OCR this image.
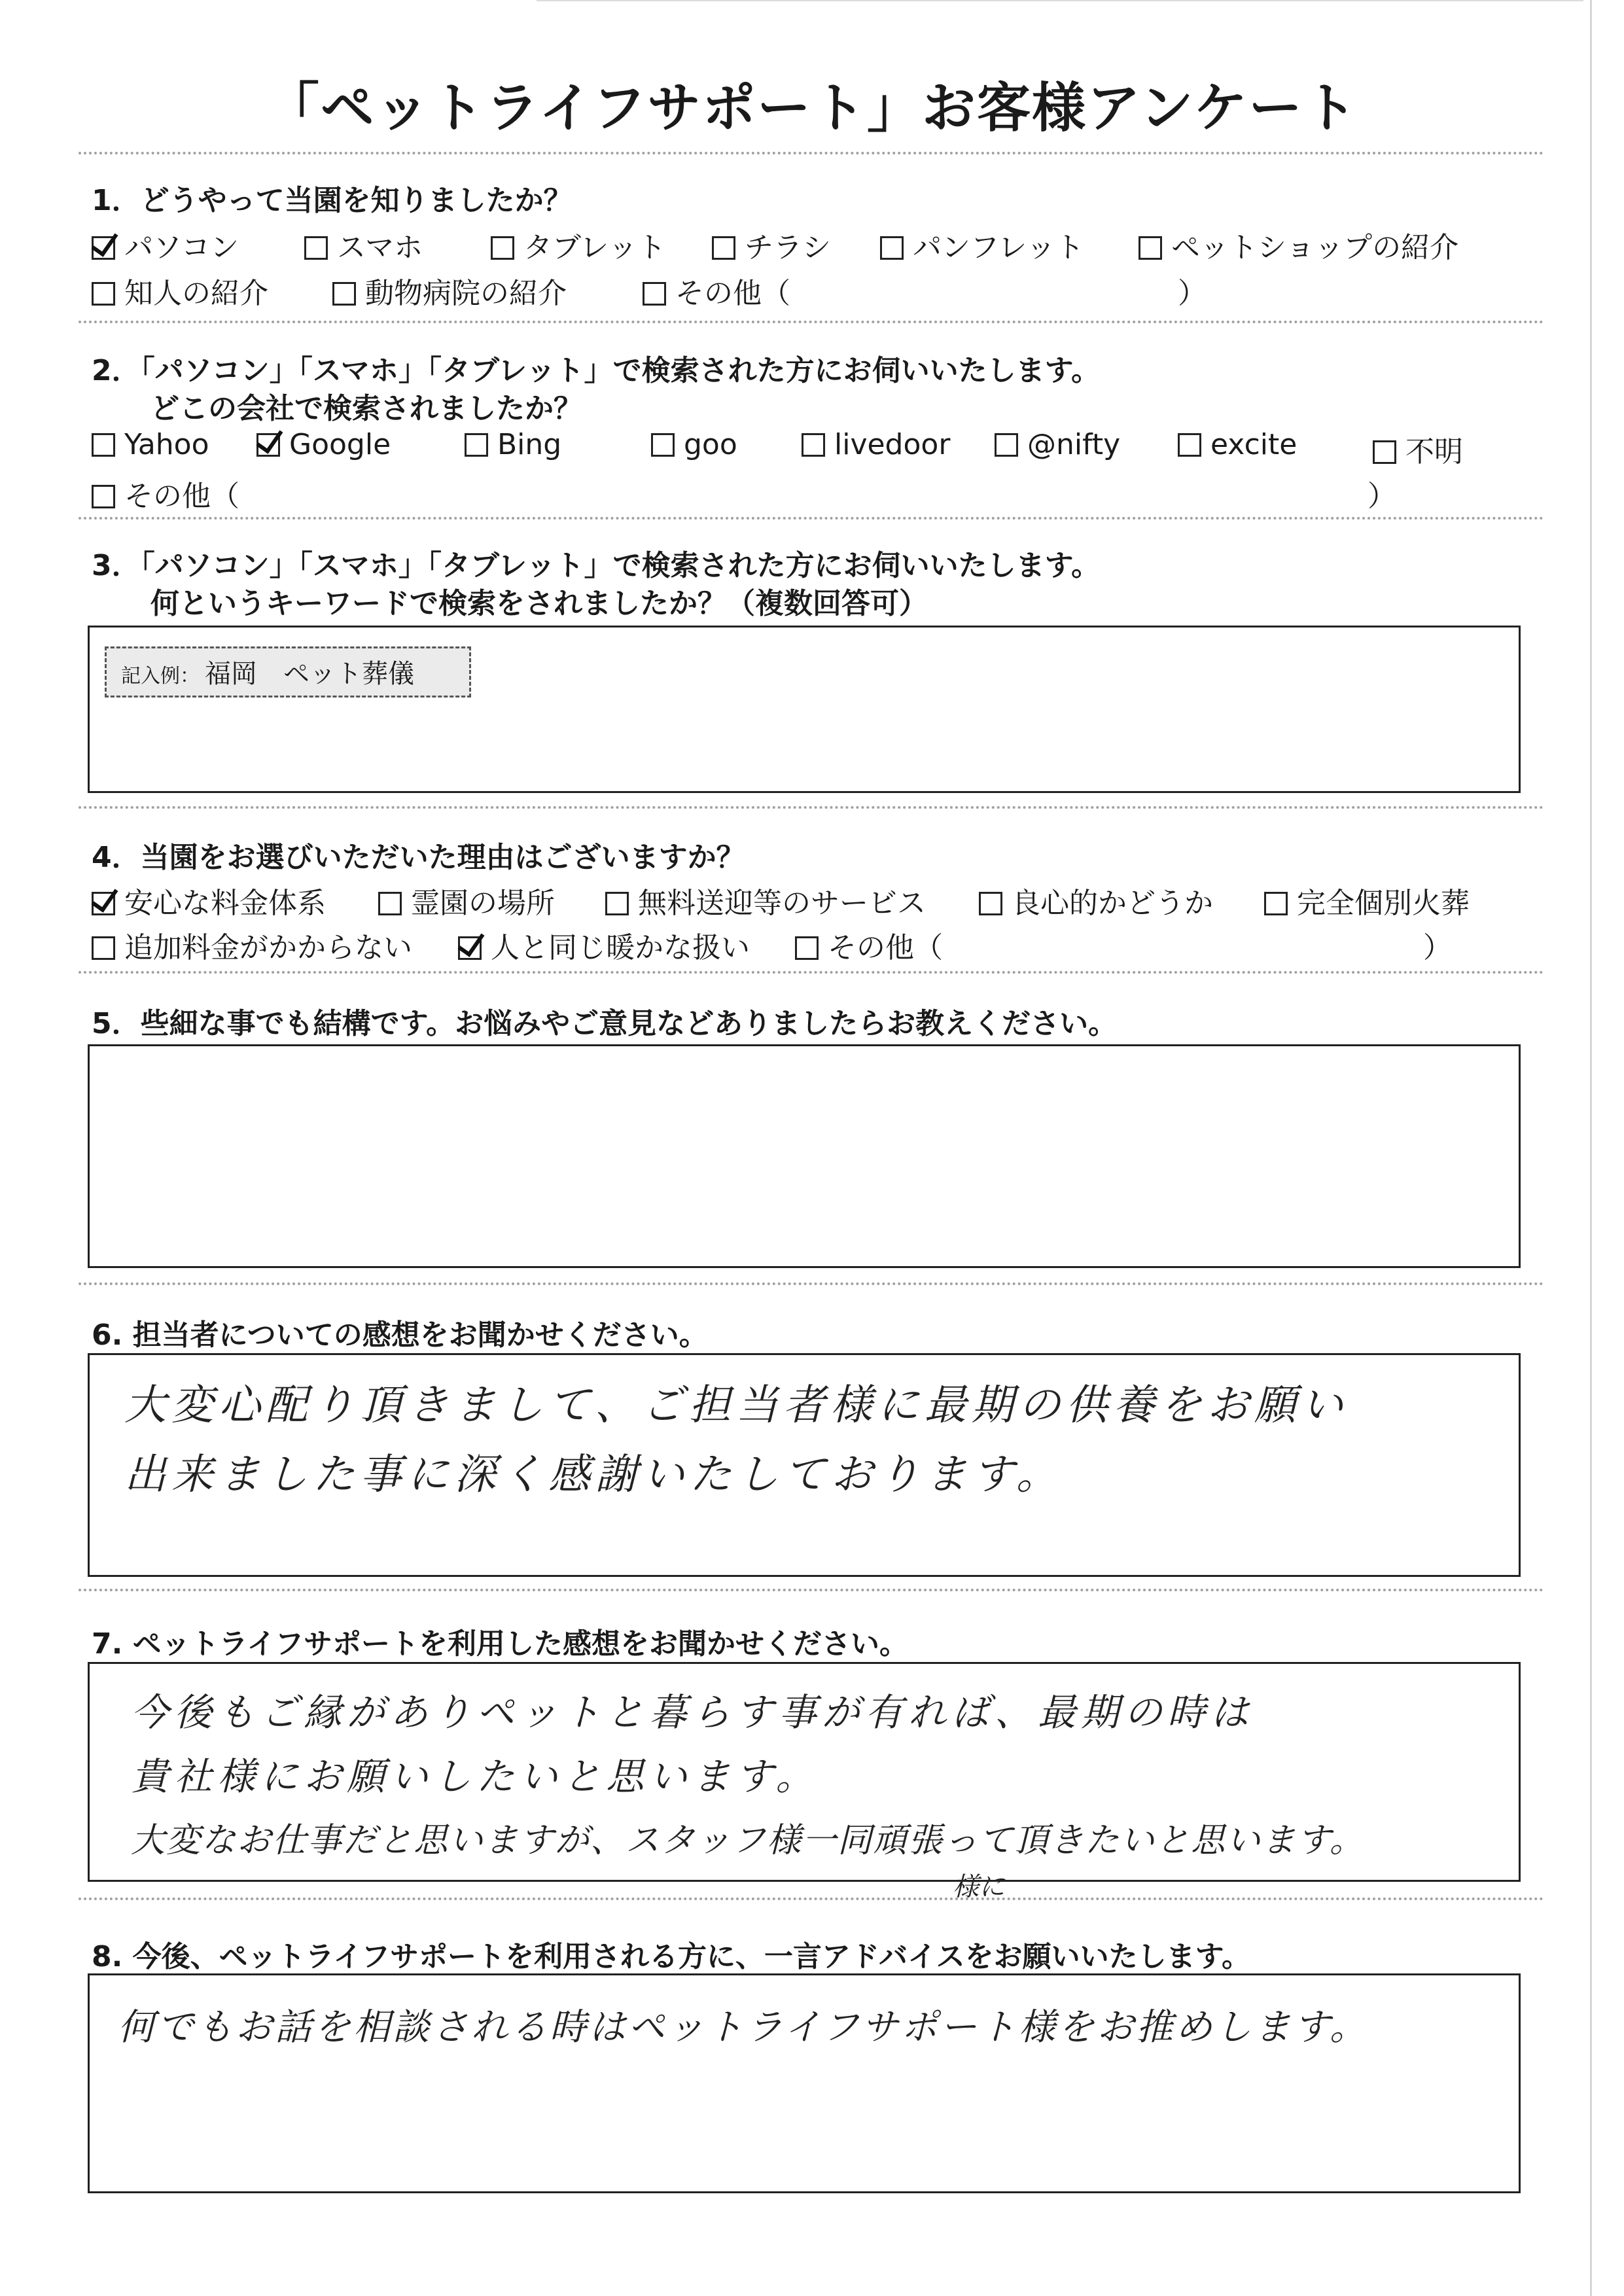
「ペットライフサポート」お客様アンケート
1．どうやって当園を知りましたか？
パソコン	スマホ	タブレット	チラシ	パンフレット	ペットショップの紹介
知人の紹介	動物病院の紹介	その他（	）
2．「パソコン」「スマホ」「タブレット」で検索された方にお伺いいたします。
どこの会社で検索されましたか？
Yahoo	Google	Bing	goo	livedoor	@nifty	excite	不明
その他（	）
3．「パソコン」「スマホ」「タブレット」で検索された方にお伺いいたします。
何というキーワードで検索をされましたか？（複数回答可）
記入例： 福岡　ペット葬儀
4．当園をお選びいただいた理由はございますか？
安心な料金体系	霊園の場所	無料送迎等のサービス	良心的かどうか	完全個別火葬
追加料金がかからない	人と同じ暖かな扱い	その他（	）
5．些細な事でも結構です。お悩みやご意見などありましたらお教えください。
6. 担当者についての感想をお聞かせください。
大変心配り頂きまして、ご担当者様に最期の供養をお願い
出来ました事に深く感謝いたしております。
7. ペットライフサポートを利用した感想をお聞かせください。
今後もご縁がありペットと暮らす事が有れば、最期の時は
貴社様にお願いしたいと思います。
大変なお仕事だと思いますが、スタッフ様一同頑張って頂きたいと思います。
様に
8. 今後、ペットライフサポートを利用される方に、一言アドバイスをお願いいたします。
何でもお話を相談される時はペットライフサポート様をお推めします。
